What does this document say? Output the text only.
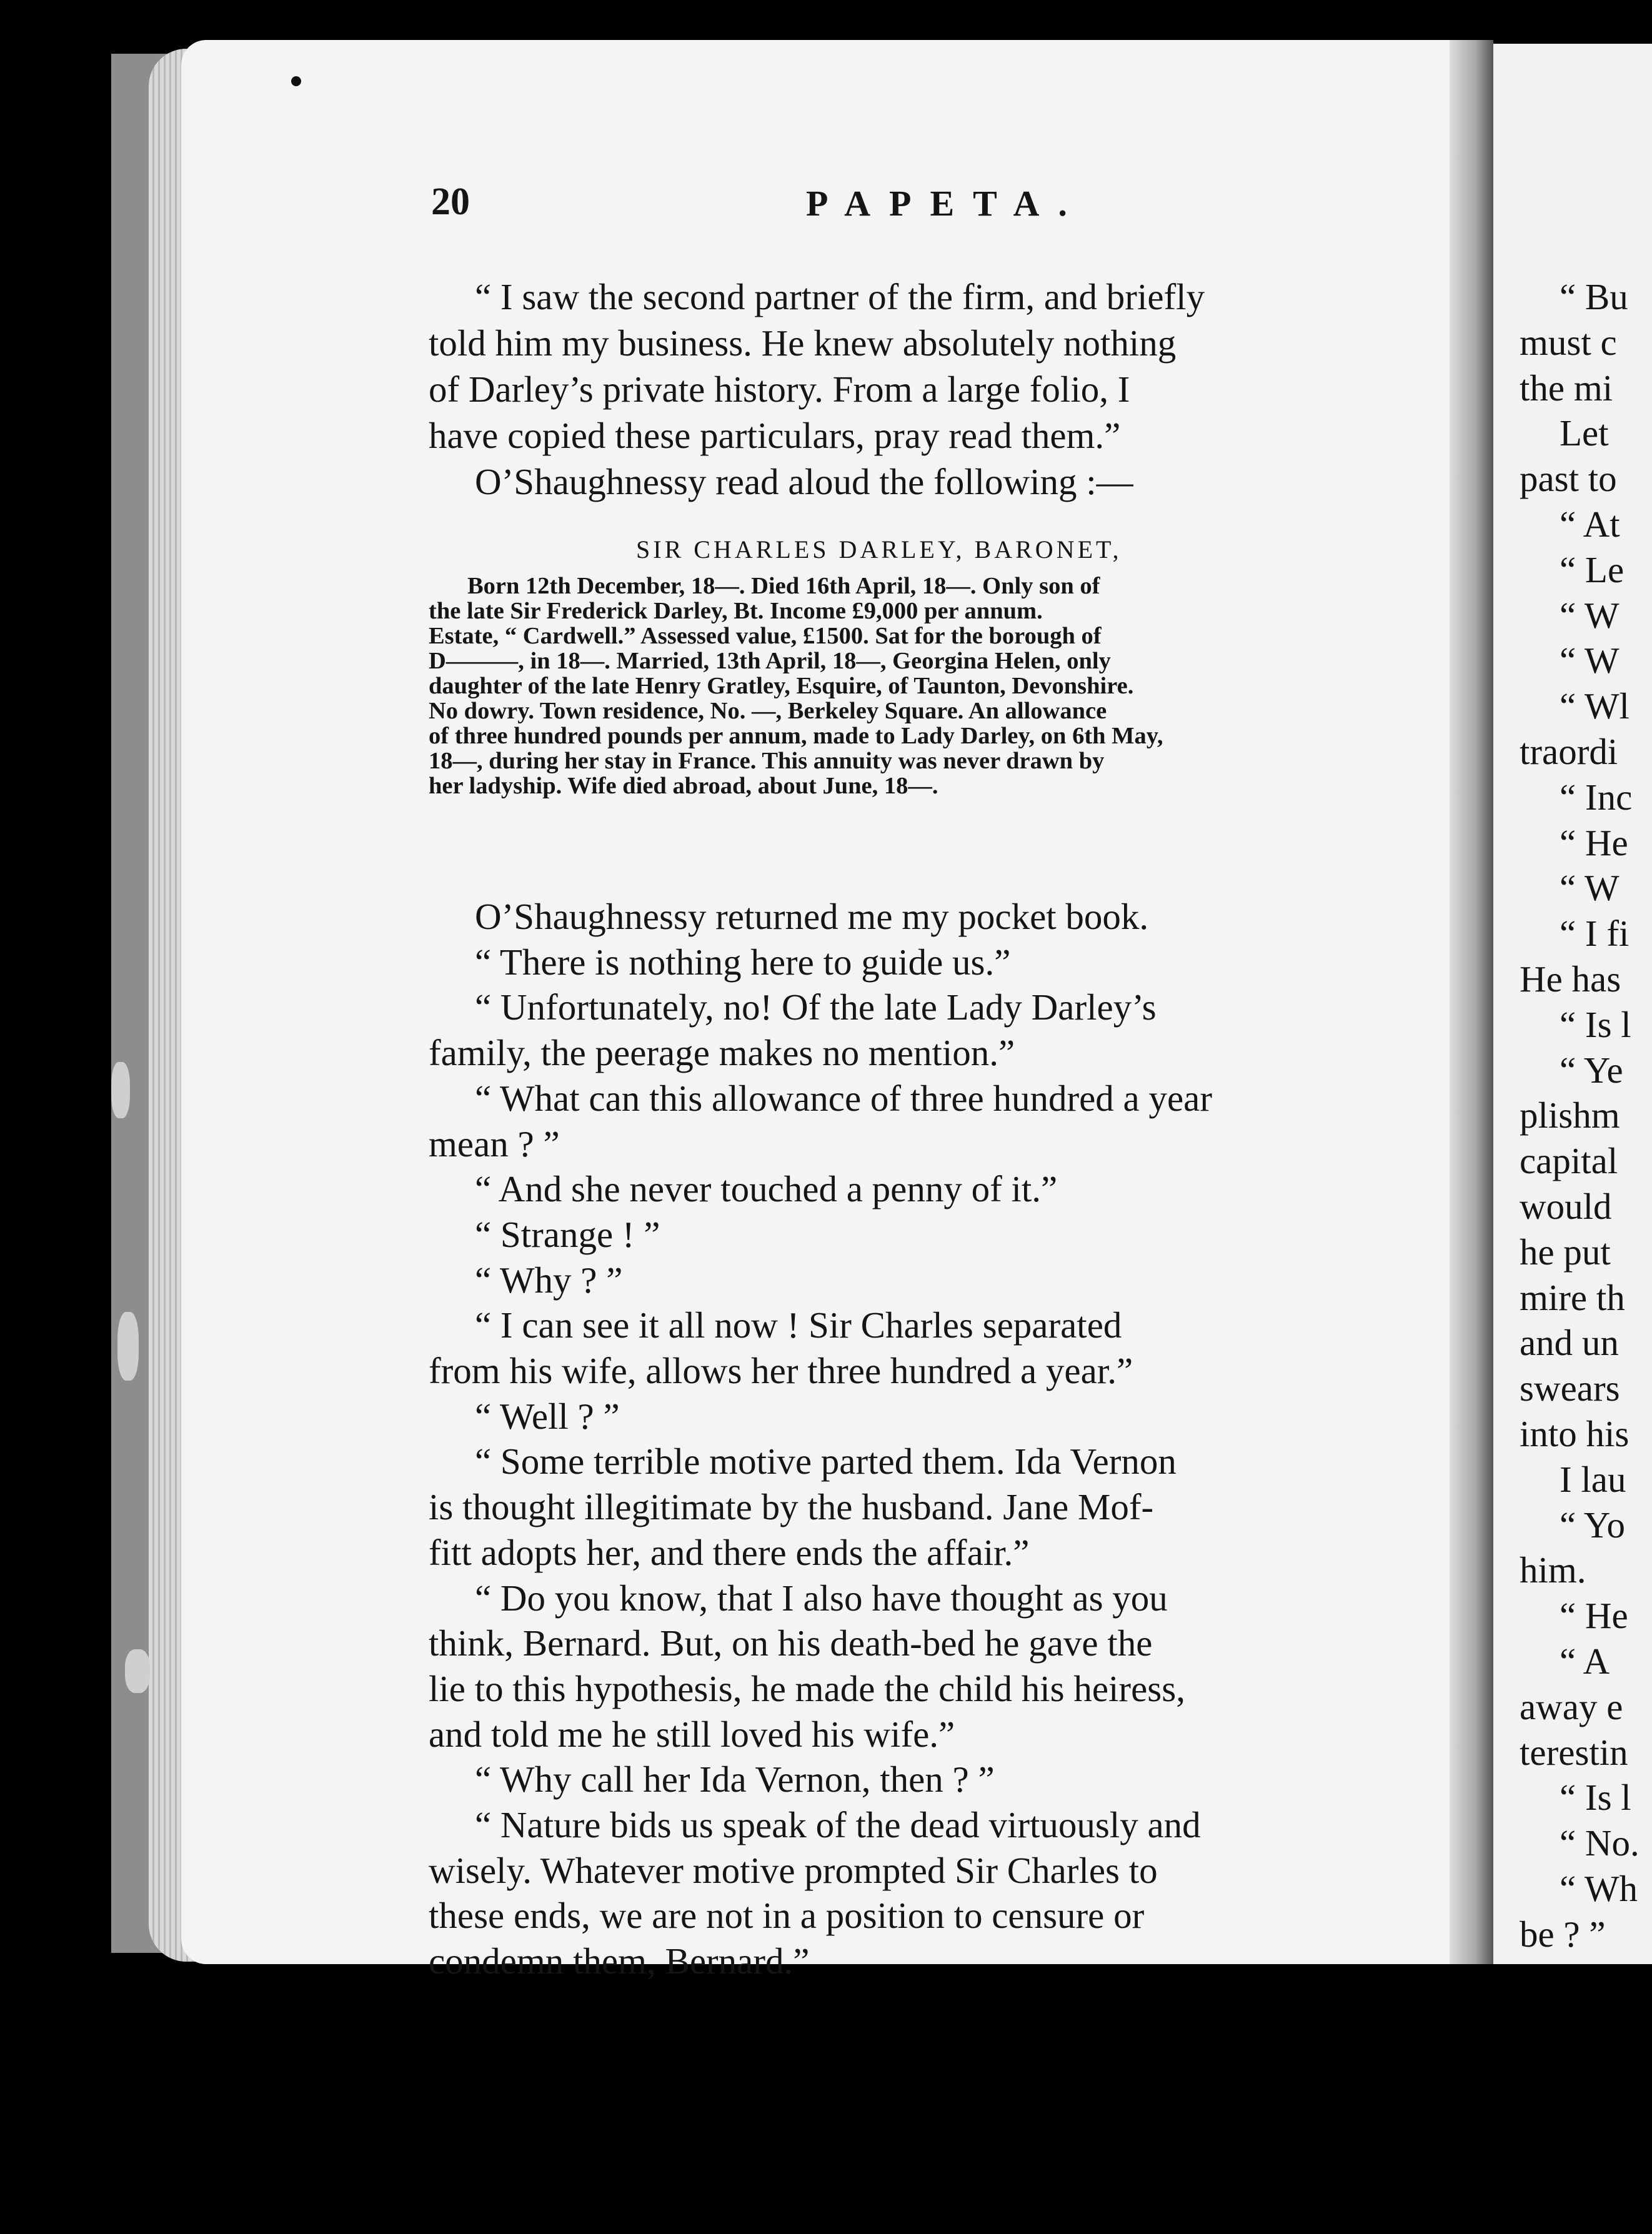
20	PAPETA.
“ I saw the second partner of the firm, and briefly
told him my business. He knew absolutely nothing
of Darley’s private history. From a large folio, I
have copied these particulars, pray read them.”
O’Shaughnessy read aloud the following :—
SIR CHARLES DARLEY, BARONET,
Born 12th December, 18—. Died 16th April, 18—. Only son of
the late Sir Frederick Darley, Bt. Income £9,000 per annum.
Estate, “ Cardwell.” Assessed value, £1500. Sat for the borough of
D———, in 18—. Married, 13th April, 18—, Georgina Helen, only
daughter of the late Henry Gratley, Esquire, of Taunton, Devonshire.
No dowry. Town residence, No. —, Berkeley Square. An allowance
of three hundred pounds per annum, made to Lady Darley, on 6th May,
18—, during her stay in France. This annuity was never drawn by
her ladyship. Wife died abroad, about June, 18—.
O’Shaughnessy returned me my pocket book.
“ There is nothing here to guide us.”
“ Unfortunately, no! Of the late Lady Darley’s
family, the peerage makes no mention.”
“ What can this allowance of three hundred a year
mean ? ”
“ And she never touched a penny of it.”
“ Strange ! ”
“ Why ? ”
“ I can see it all now ! Sir Charles separated
from his wife, allows her three hundred a year.”
“ Well ? ”
“ Some terrible motive parted them. Ida Vernon
is thought illegitimate by the husband. Jane Mof-
fitt adopts her, and there ends the affair.”
“ Do you know, that I also have thought as you
think, Bernard. But, on his death-bed he gave the
lie to this hypothesis, he made the child his heiress,
and told me he still loved his wife.”
“ Why call her Ida Vernon, then ? ”
“ Nature bids us speak of the dead virtuously and
wisely. Whatever motive prompted Sir Charles to
these ends, we are not in a position to censure or
condemn them, Bernard.”
“ Bu
must c
the mi
Let
past to
“ At
“ Le
“ W
“ W
“ Wl
traordi
“ Inc
“ He
“ W
“ I fi
He has
“ Is l
“ Ye
plishm
capital
would
he put
mire th
and un
swears
into his
I lau
“ Yo
him.
“ He
“ A
away e
terestin
“ Is l
“ No.
“ Wh
be ? ”
